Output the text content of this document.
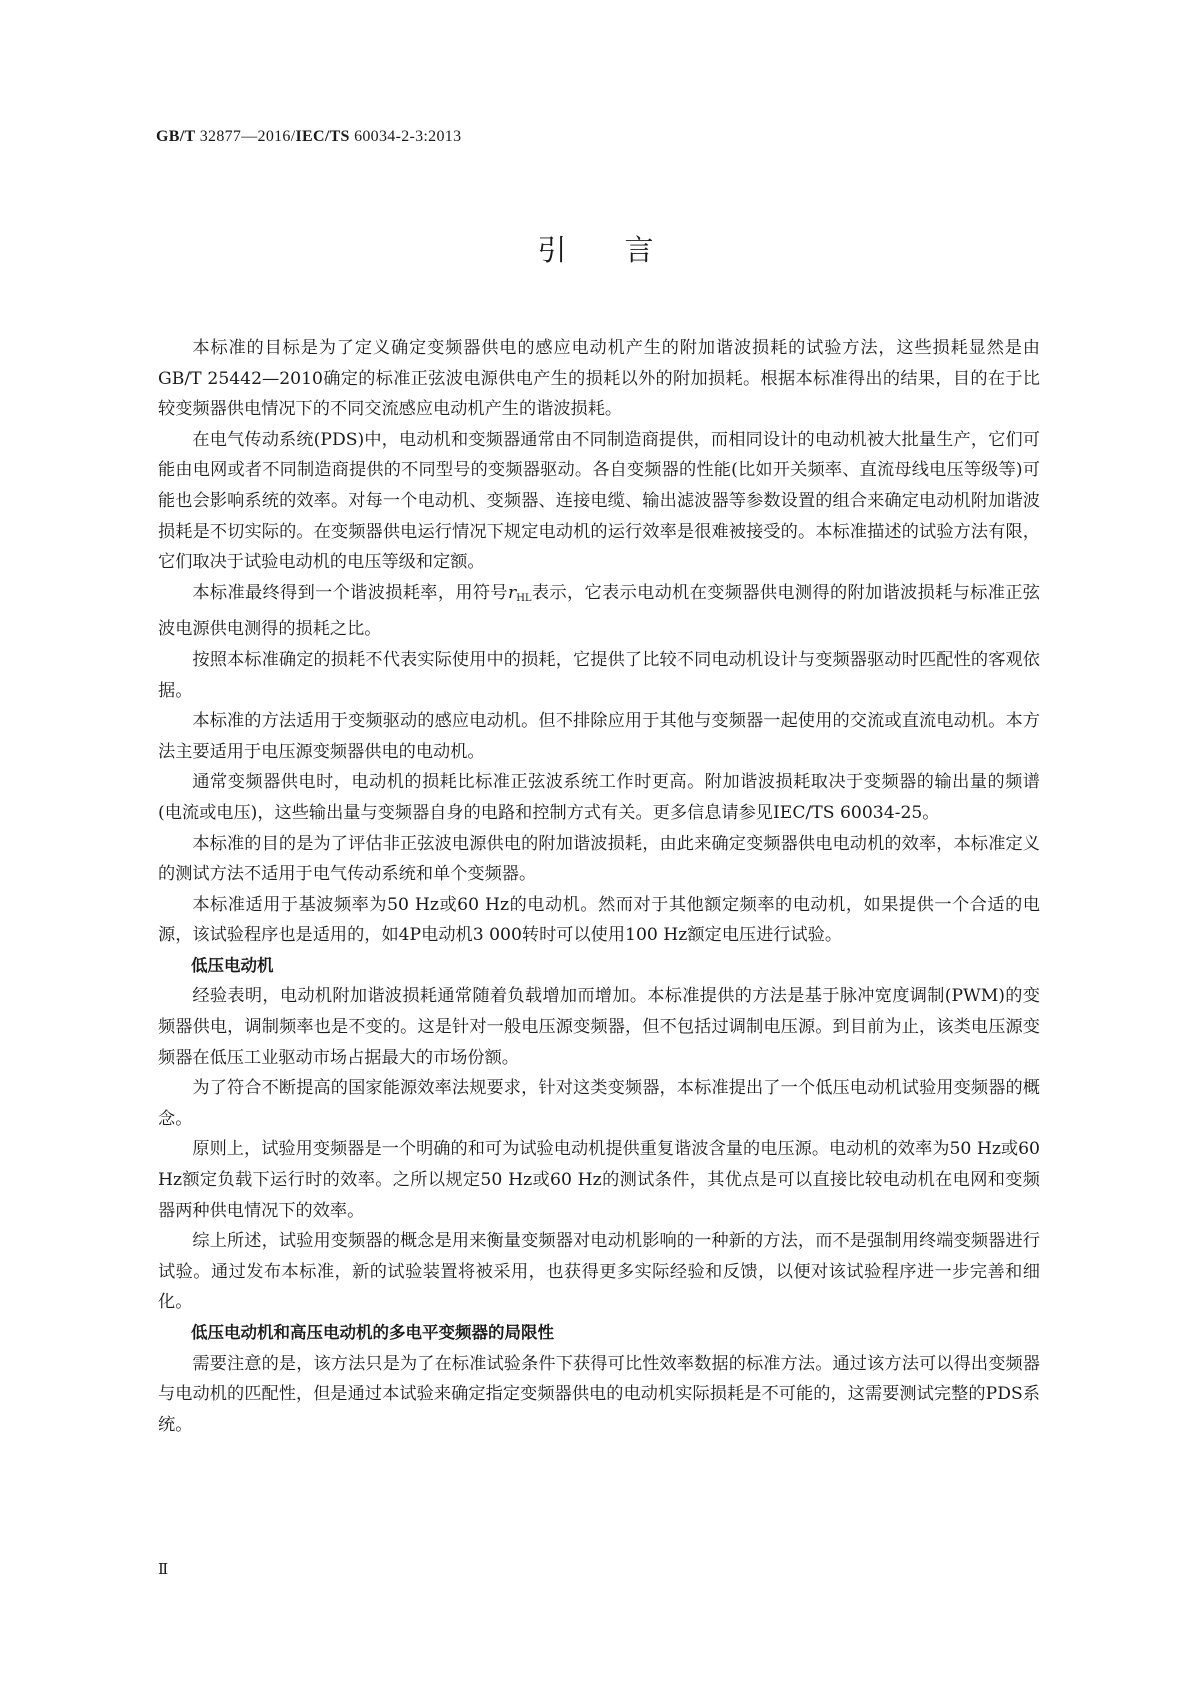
GB/T 32877—2016/IEC/TS 60034-2-3:2013
引言

本标准的目标是为了定义确定变频器供电的感应电动机产生的附加谐波损耗的试验方法，这些损耗显然是由GB/T 25442—2010确定的标准正弦波电源供电产生的损耗以外的附加损耗。根据本标准得出的结果，目的在于比较变频器供电情况下的不同交流感应电动机产生的谐波损耗。

在电气传动系统(PDS)中，电动机和变频器通常由不同制造商提供，而相同设计的电动机被大批量生产，它们可能由电网或者不同制造商提供的不同型号的变频器驱动。各自变频器的性能(比如开关频率、直流母线电压等级等)可能也会影响系统的效率。对每一个电动机、变频器、连接电缆、输出滤波器等参数设置的组合来确定电动机附加谐波损耗是不切实际的。在变频器供电运行情况下规定电动机的运行效率是很难被接受的。本标准描述的试验方法有限，它们取决于试验电动机的电压等级和定额。

本标准最终得到一个谐波损耗率，用符号$r_{HL}$表示，它表示电动机在变频器供电测得的附加谐波损耗与标准正弦波电源供电测得的损耗之比。

按照本标准确定的损耗不代表实际使用中的损耗，它提供了比较不同电动机设计与变频器驱动时匹配性的客观依据。

本标准的方法适用于变频驱动的感应电动机。但不排除应用于其他与变频器一起使用的交流或直流电动机。本方法主要适用于电压源变频器供电的电动机。

通常变频器供电时，电动机的损耗比标准正弦波系统工作时更高。附加谐波损耗取决于变频器的输出量的频谱(电流或电压)，这些输出量与变频器自身的电路和控制方式有关。更多信息请参见IEC/TS 60034-25。

本标准的目的是为了评估非正弦波电源供电的附加谐波损耗，由此来确定变频器供电电动机的效率，本标准定义的测试方法不适用于电气传动系统和单个变频器。

本标准适用于基波频率为50 Hz或60 Hz的电动机。然而对于其他额定频率的电动机，如果提供一个合适的电源，该试验程序也是适用的，如4P电动机3 000转时可以使用100 Hz额定电压进行试验。

低压电动机

经验表明，电动机附加谐波损耗通常随着负载增加而增加。本标准提供的方法是基于脉冲宽度调制(PWM)的变频器供电，调制频率也是不变的。这是针对一般电压源变频器，但不包括过调制电压源。到目前为止，该类电压源变频器在低压工业驱动市场占据最大的市场份额。

为了符合不断提高的国家能源效率法规要求，针对这类变频器，本标准提出了一个低压电动机试验用变频器的概念。

原则上，试验用变频器是一个明确的和可为试验电动机提供重复谐波含量的电压源。电动机的效率为50 Hz或60 Hz额定负载下运行时的效率。之所以规定50 Hz或60 Hz的测试条件，其优点是可以直接比较电动机在电网和变频器两种供电情况下的效率。

综上所述，试验用变频器的概念是用来衡量变频器对电动机影响的一种新的方法，而不是强制用终端变频器进行试验。通过发布本标准，新的试验装置将被采用，也获得更多实际经验和反馈，以便对该试验程序进一步完善和细化。

低压电动机和高压电动机的多电平变频器的局限性

需要注意的是，该方法只是为了在标准试验条件下获得可比性效率数据的标准方法。通过该方法可以得出变频器与电动机的匹配性，但是通过本试验来确定指定变频器供电的电动机实际损耗是不可能的，这需要测试完整的PDS系统。

Ⅱ
